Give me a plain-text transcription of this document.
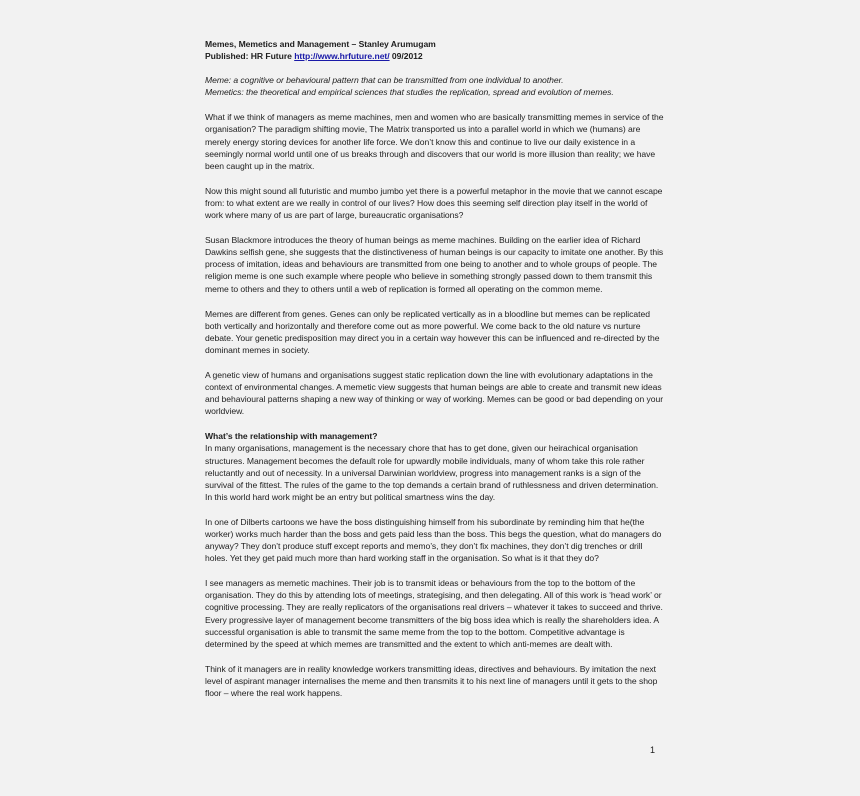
Memes, Memetics and Management – Stanley Arumugam
Published: HR Future http://www.hrfuture.net/ 09/2012

Meme: a cognitive or behavioural pattern that can be transmitted from one individual to another.

Memetics: the theoretical and empirical sciences that studies the replication, spread and evolution of memes.

What if we think of managers as meme machines, men and women who are basically transmitting memes in service of the organisation? The paradigm shifting movie, The Matrix transported us into a parallel world in which we (humans) are merely energy storing devices for another life force. We don’t know this and continue to live our daily existence in a seemingly normal world until one of us breaks through and discovers that our world is more illusion than reality; we have been caught up in the matrix.

Now this might sound all futuristic and mumbo jumbo yet there is a powerful metaphor in the movie that we cannot escape from: to what extent are we really in control of our lives? How does this seeming self direction play itself in the world of work where many of us are part of large, bureaucratic organisations?

Susan Blackmore introduces the theory of human beings as meme machines. Building on the earlier idea of Richard Dawkins selfish gene, she suggests that the distinctiveness of human beings is our capacity to imitate one another. By this process of imitation, ideas and behaviours are transmitted from one being to another and to whole groups of people. The religion meme is one such example where people who believe in something strongly passed down to them transmit this meme to others and they to others until a web of replication is formed all operating on the common meme.

Memes are different from genes. Genes can only be replicated vertically as in a bloodline but memes can be replicated both vertically and horizontally and therefore come out as more powerful. We come back to the old nature vs nurture debate. Your genetic predisposition may direct you in a certain way however this can be influenced and re-directed by the dominant memes in society.

A genetic view of humans and organisations suggest static replication down the line with evolutionary adaptations in the context of environmental changes. A memetic view suggests that human beings are able to create and transmit new ideas and behavioural patterns shaping a new way of thinking or way of working. Memes can be good or bad depending on your worldview.

What’s the relationship with management?

In many organisations, management is the necessary chore that has to get done, given our heirachical organisation structures. Management becomes the default role for upwardly mobile individuals, many of whom take this role rather reluctantly and out of necessity. In a universal Darwinian worldview, progress into management ranks is a sign of the survival of the fittest. The rules of the game to the top demands a certain brand of ruthlessness and driven determination. In this world hard work might be an entry but political smartness wins the day.

In one of Dilberts cartoons we have the boss distinguishing himself from his subordinate by reminding him that he(the worker) works much harder than the boss and gets paid less than the boss. This begs the question, what do managers do anyway? They don’t produce stuff except reports and memo’s, they don’t fix machines, they don’t dig trenches or drill holes. Yet they get paid much more than hard working staff in the organisation. So what is it that they do?

I see managers as memetic machines. Their job is to transmit ideas or behaviours from the top to the bottom of the organisation. They do this by attending lots of meetings, strategising, and then delegating. All of this work is ‘head work’ or cognitive processing. They are really replicators of the organisations real drivers – whatever it takes to succeed and thrive. Every progressive layer of management become transmitters of the big boss idea which is really the shareholders idea. A successful organisation is able to transmit the same meme from the top to the bottom. Competitive advantage is determined by the speed at which memes are transmitted and the extent to which anti-memes are dealt with.

Think of it managers are in reality knowledge workers transmitting ideas, directives and behaviours. By imitation the next level of aspirant manager internalises the meme and then transmits it to his next line of managers until it gets to the shop floor – where the real work happens.

1
